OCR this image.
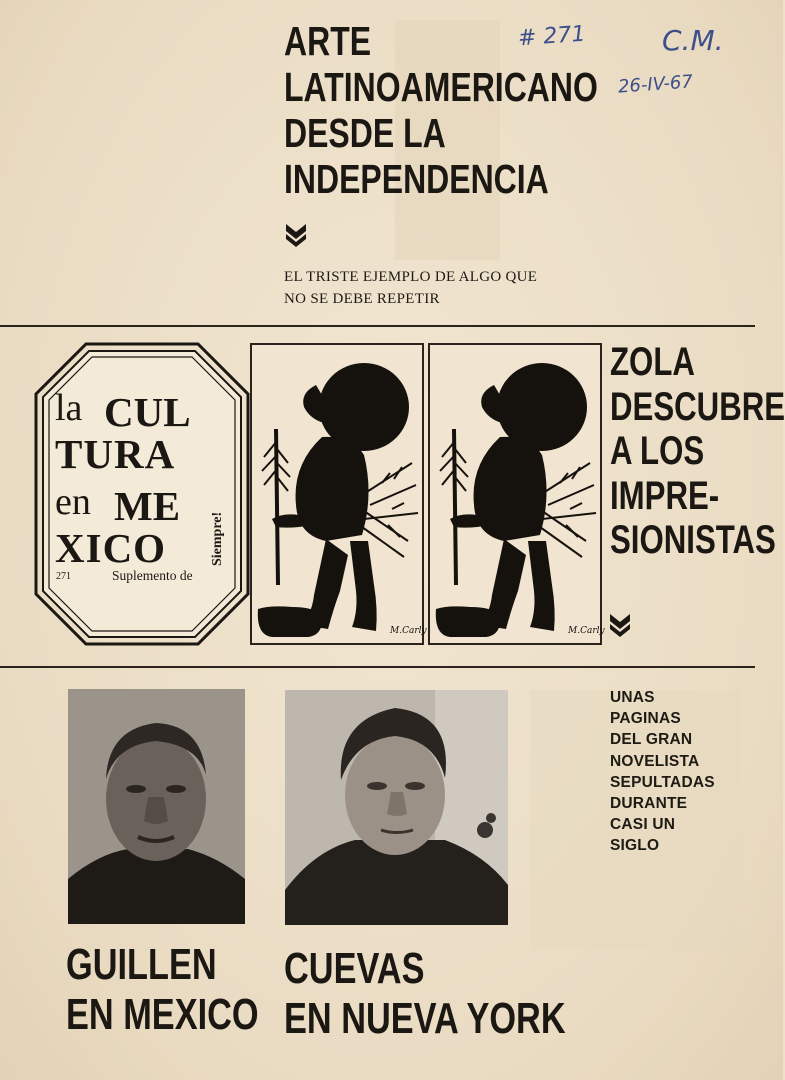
ARTE
LATINOAMERICANO
DESDE LA
INDEPENDENCIA
EL TRISTE EJEMPLO DE ALGO QUE
NO SE DEBE REPETIR
# 271	C.M.
26-IV-67
la CUL
TURA
en ME
XICO	Siempre!
271	Suplemento de
M.Carly	M.Carly
ZOLA
DESCUBRE
A LOS
IMPRE-
SIONISTAS
UNAS
PAGINAS
DEL GRAN
NOVELISTA
SEPULTADAS
DURANTE
CASI UN
SIGLO
GUILLEN
EN MEXICO
CUEVAS
EN NUEVA YORK
